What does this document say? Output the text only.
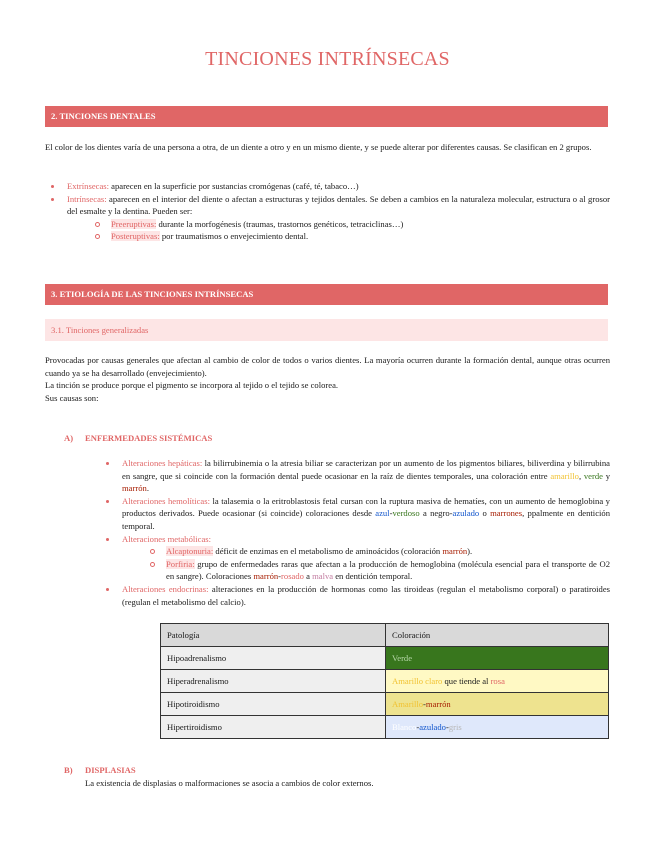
TINCIONES INTRÍNSECAS
2. TINCIONES DENTALES
El color de los dientes varía de una persona a otra, de un diente a otro y en un mismo diente, y se puede alterar por diferentes causas. Se clasifican en 2 grupos.
Extrínsecas: aparecen en la superficie por sustancias cromógenas (café, té, tabaco…)
Intrínsecas: aparecen en el interior del diente o afectan a estructuras y tejidos dentales. Se deben a cambios en la naturaleza molecular, estructura o al grosor del esmalte y la dentina. Pueden ser:
Preeruptivas: durante la morfogénesis (traumas, trastornos genéticos, tetraciclinas…)
Posteruptivas: por traumatismos o envejecimiento dental.
3. ETIOLOGÍA DE LAS TINCIONES INTRÍNSECAS
3.1. Tinciones generalizadas
Provocadas por causas generales que afectan al cambio de color de todos o varios dientes. La mayoría ocurren durante la formación dental, aunque otras ocurren cuando ya se ha desarrollado (envejecimiento).
La tinción se produce porque el pigmento se incorpora al tejido o el tejido se colorea.
Sus causas son:
A) ENFERMEDADES SISTÉMICAS
Alteraciones hepáticas: la bilirrubinemia o la atresia biliar se caracterizan por un aumento de los pigmentos biliares, biliverdina y bilirrubina en sangre, que si coincide con la formación dental puede ocasionar en la raíz de dientes temporales, una coloración entre amarillo, verde y marrón.
Alteraciones hemolíticas: la talasemia o la eritroblastosis fetal cursan con la ruptura masiva de hematíes, con un aumento de hemoglobina y productos derivados. Puede ocasionar (si coincide) coloraciones desde azul-verdoso a negro-azulado o marrones, ppalmente en dentición temporal.
Alteraciones metabólicas:
Alcaptonuria: déficit de enzimas en el metabolismo de aminoácidos (coloración marrón).
Porfiria: grupo de enfermedades raras que afectan a la producción de hemoglobina (molécula esencial para el transporte de O2 en sangre). Coloraciones marrón-rosado a malva en dentición temporal.
Alteraciones endocrinas: alteraciones en la producción de hormonas como las tiroideas (regulan el metabolismo corporal) o paratiroides (regulan el metabolismo del calcio).
Patología	Coloración
Hipoadrenalismo	Verde
Hiperadrenalismo	Amarillo claro que tiende al rosa
Hipotiroidismo	Amarillo-marrón
Hipertiroidismo	Blanco-azulado-gris
B) DISPLASIAS
La existencia de displasias o malformaciones se asocia a cambios de color externos.
